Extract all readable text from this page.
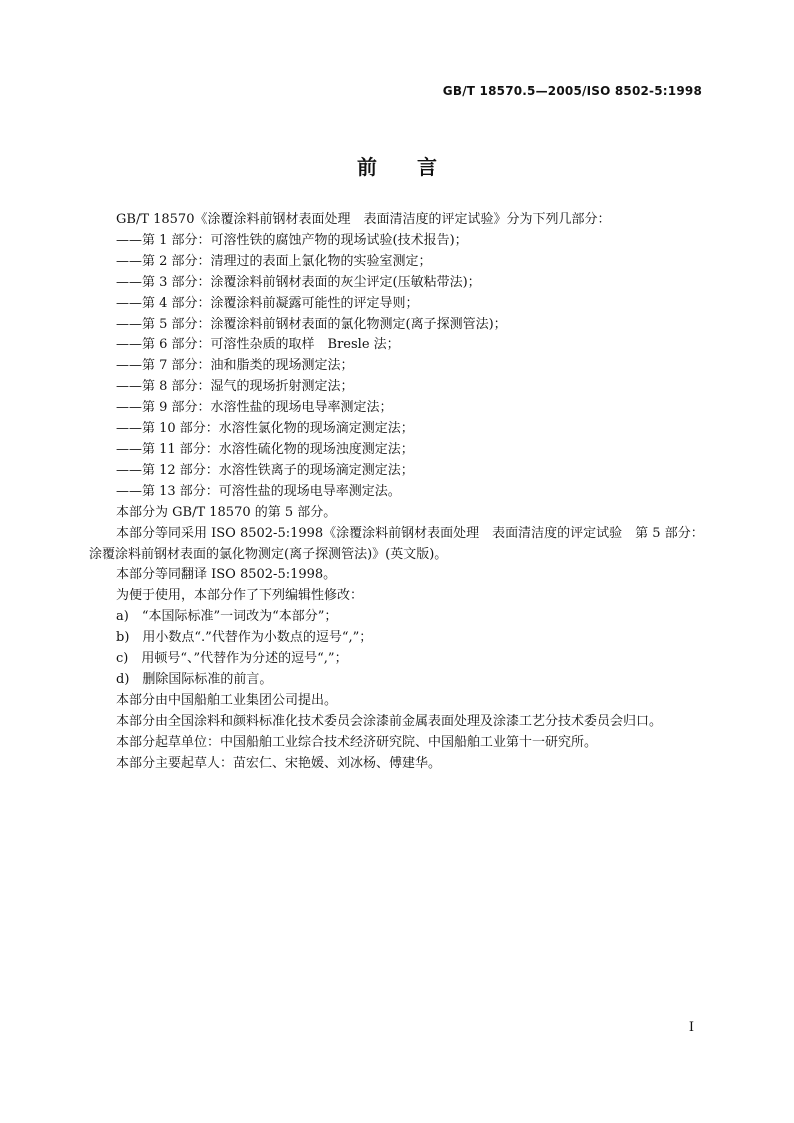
GB/T 18570.5—2005/ISO 8502-5:1998
前 言

GB/T 18570《涂覆涂料前钢材表面处理　表面清洁度的评定试验》分为下列几部分：

——第 1 部分：可溶性铁的腐蚀产物的现场试验(技术报告)；

——第 2 部分：清理过的表面上氯化物的实验室测定；

——第 3 部分：涂覆涂料前钢材表面的灰尘评定(压敏粘带法)；

——第 4 部分：涂覆涂料前凝露可能性的评定导则；

——第 5 部分：涂覆涂料前钢材表面的氯化物测定(离子探测管法)；

——第 6 部分：可溶性杂质的取样　Bresle 法；

——第 7 部分：油和脂类的现场测定法；

——第 8 部分：湿气的现场折射测定法；

——第 9 部分：水溶性盐的现场电导率测定法；

——第 10 部分：水溶性氯化物的现场滴定测定法；

——第 11 部分：水溶性硫化物的现场浊度测定法；

——第 12 部分：水溶性铁离子的现场滴定测定法；

——第 13 部分：可溶性盐的现场电导率测定法。

本部分为 GB/T 18570 的第 5 部分。

本部分等同采用 ISO 8502-5:1998《涂覆涂料前钢材表面处理　表面清洁度的评定试验　第 5 部分：涂覆涂料前钢材表面的氯化物测定(离子探测管法)》(英文版)。

本部分等同翻译 ISO 8502-5:1998。

为便于使用，本部分作了下列编辑性修改：

a)　“本国际标准”一词改为“本部分”；

b)　用小数点“.”代替作为小数点的逗号“,”；

c)　用顿号“、”代替作为分述的逗号“,”；

d)　删除国际标准的前言。

本部分由中国船舶工业集团公司提出。

本部分由全国涂料和颜料标准化技术委员会涂漆前金属表面处理及涂漆工艺分技术委员会归口。

本部分起草单位：中国船舶工业综合技术经济研究院、中国船舶工业第十一研究所。

本部分主要起草人：苗宏仁、宋艳媛、刘冰杨、傅建华。

I
